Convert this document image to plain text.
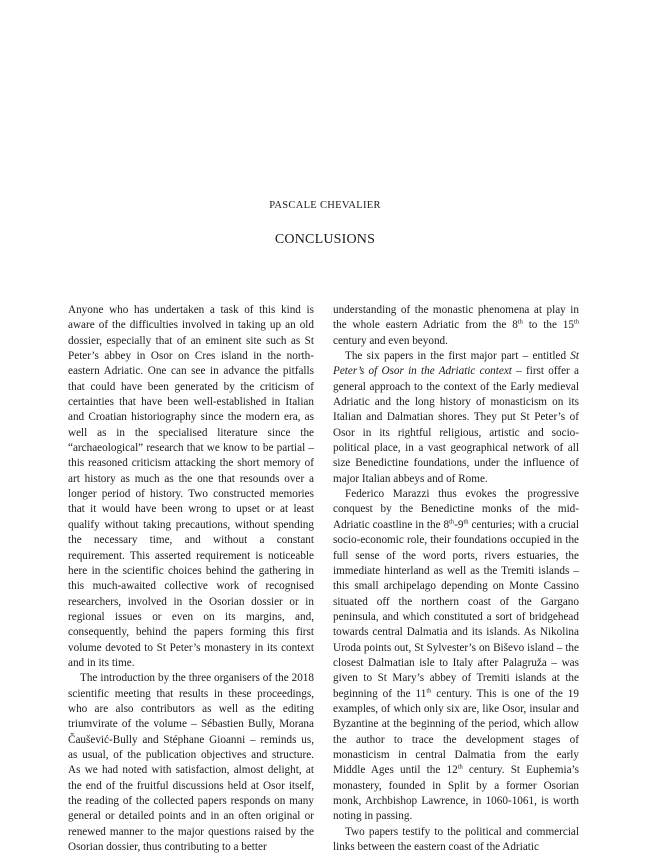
PASCALE CHEVALIER
CONCLUSIONS

Anyone who has undertaken a task of this kind is aware of the difficulties involved in taking up an old dossier, especially that of an eminent site such as St Peter’s abbey in Osor on Cres island in the north-eastern Adriatic. One can see in advance the pitfalls that could have been generated by the criticism of certainties that have been well-established in Italian and Croatian historiography since the modern era, as well as in the specialised literature since the “archaeological” research that we know to be partial – this reasoned criticism attacking the short memory of art history as much as the one that resounds over a longer period of history. Two constructed memories that it would have been wrong to upset or at least qualify without taking precautions, without spending the necessary time, and without a constant requirement. This asserted requirement is noticeable here in the scientific choices behind the gathering in this much-awaited collective work of recognised researchers, involved in the Osorian dossier or in regional issues or even on its margins, and, consequently, behind the papers forming this first volume devoted to St Peter’s monastery in its context and in its time.

The introduction by the three organisers of the 2018 scientific meeting that results in these proceedings, who are also contributors as well as the editing triumvirate of the volume – Sébastien Bully, Morana Čaušević-Bully and Stéphane Gioanni – reminds us, as usual, of the publication objectives and structure. As we had noted with satisfaction, almost delight, at the end of the fruitful discussions held at Osor itself, the reading of the collected papers responds on many general or detailed points and in an often original or renewed manner to the major questions raised by the Osorian dossier, thus contributing to a better

understanding of the monastic phenomena at play in the whole eastern Adriatic from the 8th to the 15th century and even beyond.

The six papers in the first major part – entitled St Peter’s of Osor in the Adriatic context – first offer a general approach to the context of the Early medieval Adriatic and the long history of monasticism on its Italian and Dalmatian shores. They put St Peter’s of Osor in its rightful religious, artistic and socio-political place, in a vast geographical network of all size Benedictine foundations, under the influence of major Italian abbeys and of Rome.

Federico Marazzi thus evokes the progressive conquest by the Benedictine monks of the mid-Adriatic coastline in the 8th-9th centuries; with a crucial socio-economic role, their foundations occupied in the full sense of the word ports, rivers estuaries, the immediate hinterland as well as the Tremiti islands – this small archipelago depending on Monte Cassino situated off the northern coast of the Gargano peninsula, and which constituted a sort of bridgehead towards central Dalmatia and its islands. As Nikolina Uroda points out, St Sylvester’s on Biševo island – the closest Dalmatian isle to Italy after Palagruža – was given to St Mary’s abbey of Tremiti islands at the beginning of the 11th century. This is one of the 19 examples, of which only six are, like Osor, insular and Byzantine at the beginning of the period, which allow the author to trace the development stages of monasticism in central Dalmatia from the early Middle Ages until the 12th century. St Euphemia’s monastery, founded in Split by a former Osorian monk, Archbishop Lawrence, in 1060-1061, is worth noting in passing.

Two papers testify to the political and commercial links between the eastern coast of the Adriatic
